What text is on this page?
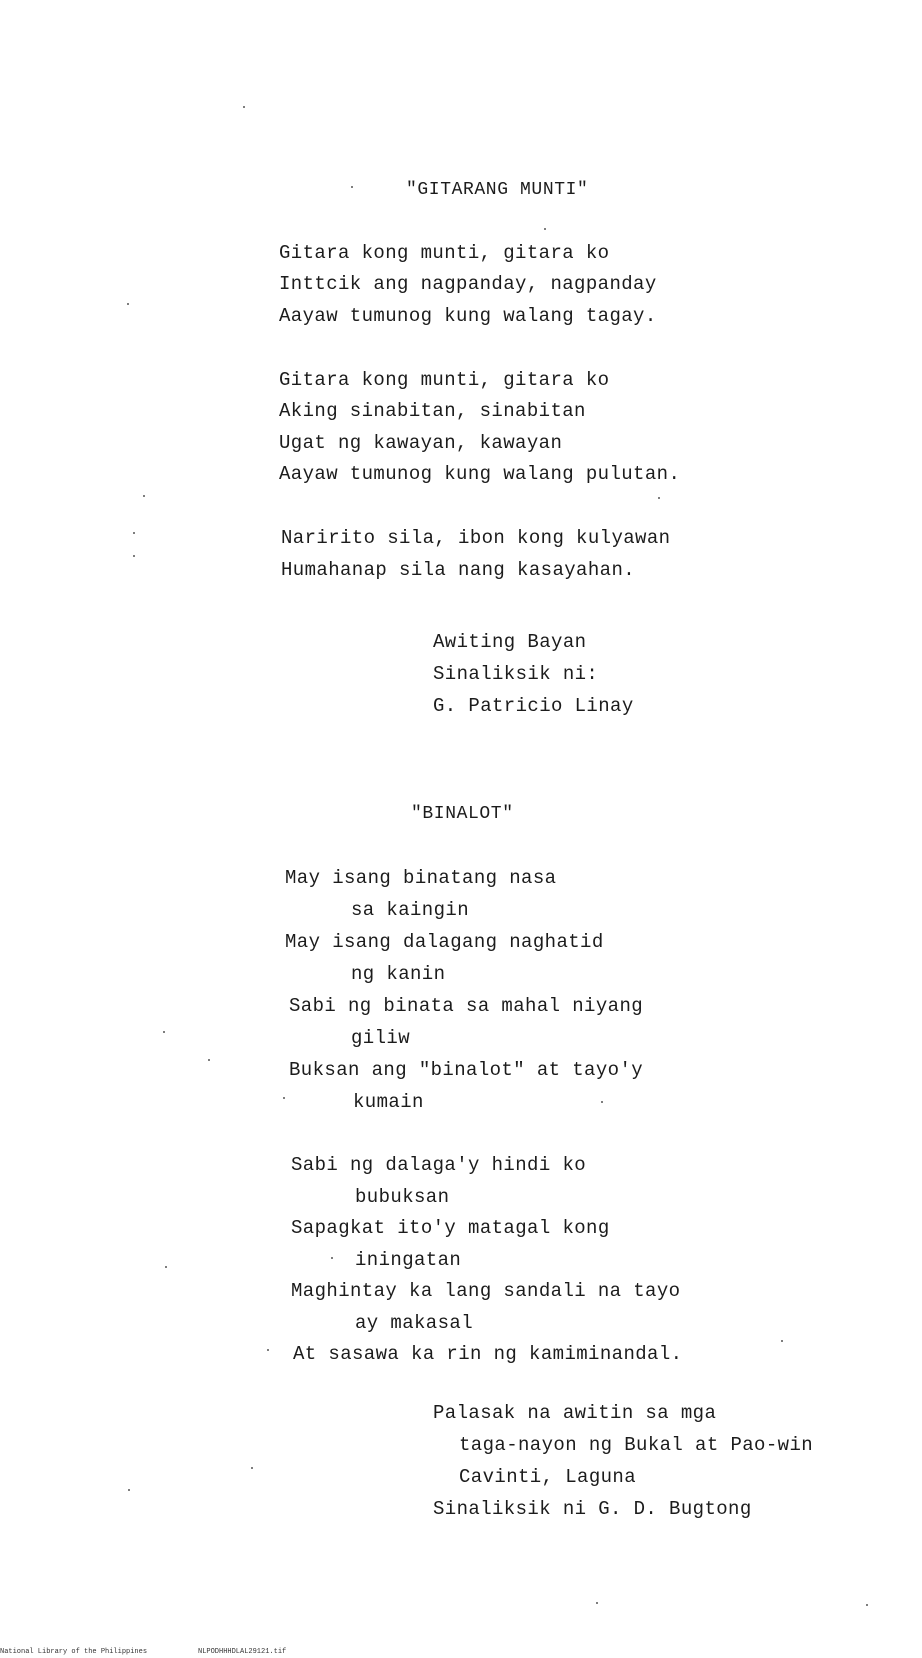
"GITARANG MUNTI"
Gitara kong munti, gitara ko
Inttcik ang nagpanday, nagpanday
Aayaw tumunog kung walang tagay.
Gitara kong munti, gitara ko
Aking sinabitan, sinabitan
Ugat ng kawayan, kawayan
Aayaw tumunog kung walang pulutan.
Naririto sila, ibon kong kulyawan
Humahanap sila nang kasayahan.
Awiting Bayan
Sinaliksik ni:
G. Patricio Linay
"BINALOT"
May isang binatang nasa
sa kaingin
May isang dalagang naghatid
ng kanin
Sabi ng binata sa mahal niyang
giliw
Buksan ang "binalot" at tayo'y
kumain
Sabi ng dalaga'y hindi ko
bubuksan
Sapagkat ito'y matagal kong
iningatan
Maghintay ka lang sandali na tayo
ay makasal
At sasawa ka rin ng kamiminandal.
Palasak na awitin sa mga
taga-nayon ng Bukal at Pao-win
Cavinti, Laguna
Sinaliksik ni G. D. Bugtong
National Library of the Philippines	NLPODHHHDLAL29121.tif
